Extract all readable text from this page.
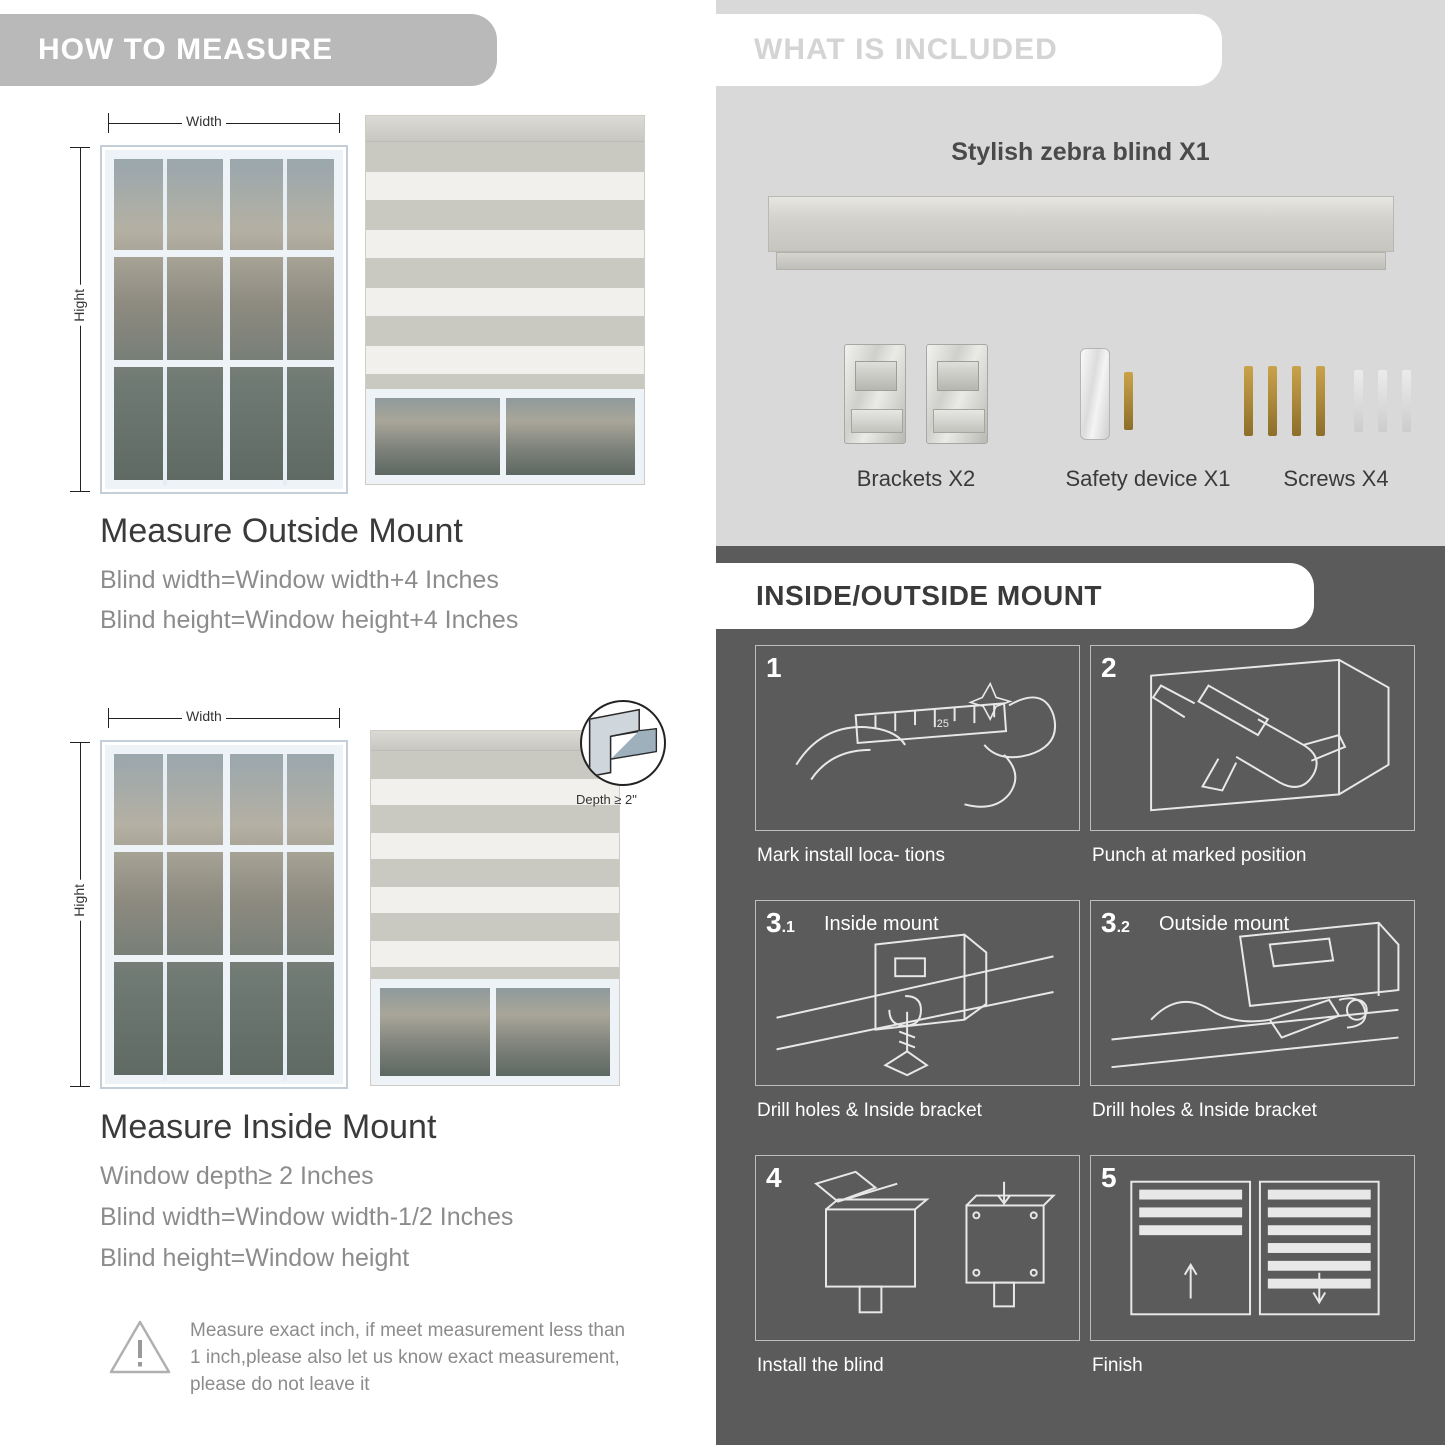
HOW TO MEASURE
Width
Hight
Measure Outside Mount
Blind width=Window width+4 Inches
Blind height=Window height+4 Inches
Width
Hight
Depth ≥ 2"
Measure Inside Mount
Window depth≥ 2 Inches
Blind width=Window width-1/2 Inches
Blind height=Window height
Measure exact inch, if meet measurement less than 1 inch,please also let us know exact measurement, please do not leave it
WHAT IS INCLUDED
Stylish zebra blind X1
Brackets X2	Safety device X1	Screws X4
INSIDE/OUTSIDE MOUNT
1
25
Mark install loca- tions
2
Punch at marked position
3.1 Inside mount
Drill holes & Inside bracket
3.2 Outside mount
Drill holes & Inside bracket
4
Install the blind
5
Finish
